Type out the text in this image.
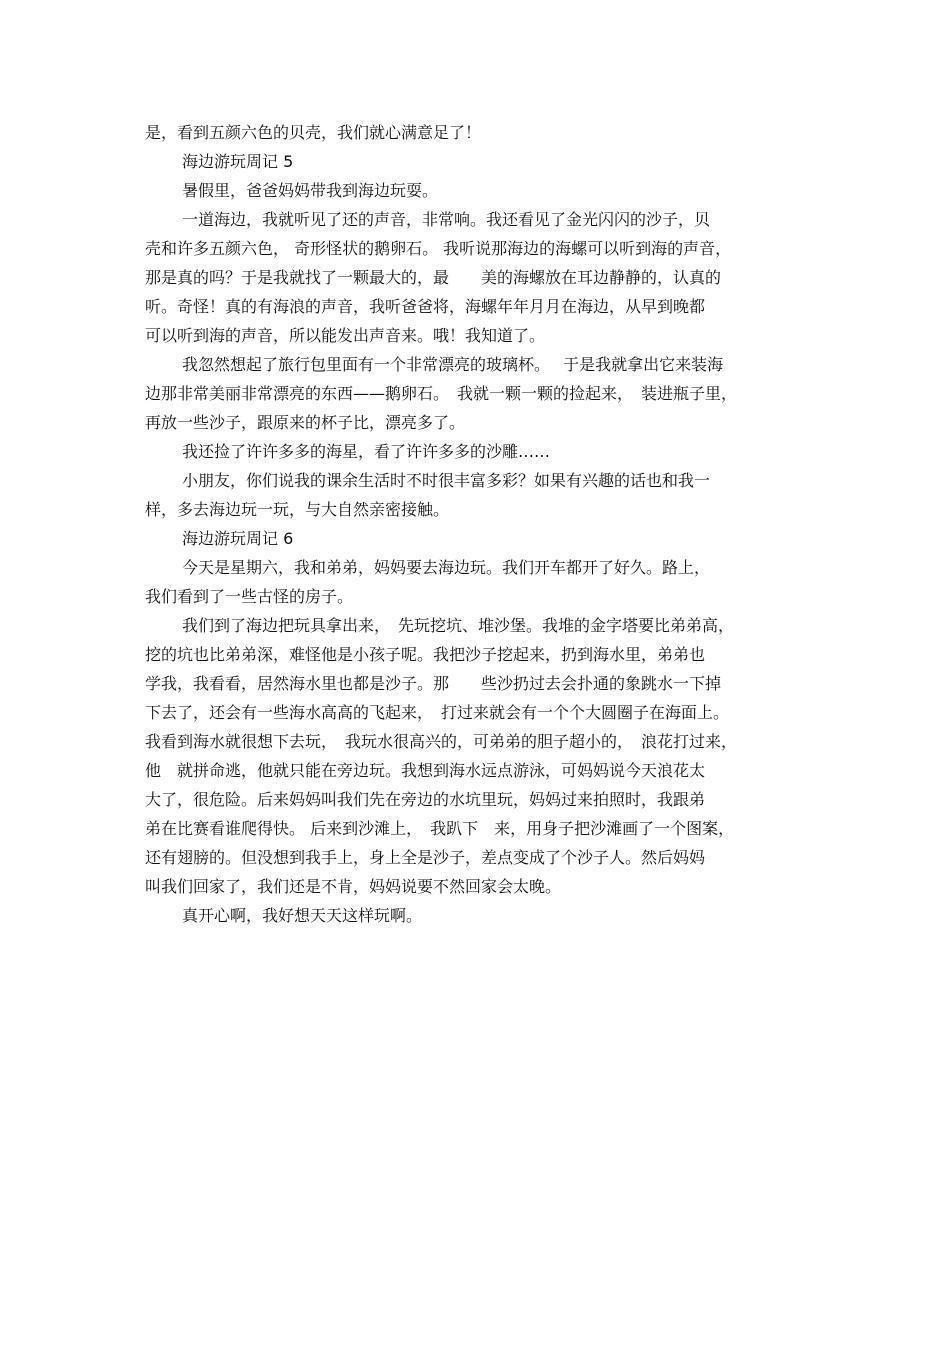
是，看到五颜六色的贝壳，我们就心满意足了！
海边游玩周记 5
暑假里，爸爸妈妈带我到海边玩耍。
一道海边，我就听见了还的声音，非常响。我还看见了金光闪闪的沙子，贝
壳和许多五颜六色， 奇形怪状的鹅卵石。 我听说那海边的海螺可以听到海的声音，
那是真的吗？于是我就找了一颗最大的，最　　美的海螺放在耳边静静的，认真的
听。奇怪！真的有海浪的声音，我听爸爸将，海螺年年月月在海边，从早到晚都
可以听到海的声音，所以能发出声音来。哦！我知道了。
我忽然想起了旅行包里面有一个非常漂亮的玻璃杯。　 于是我就拿出它来装海
边那非常美丽非常漂亮的东西——鹅卵石。　我就一颗一颗的捡起来，　装进瓶子里，
再放一些沙子，跟原来的杯子比，漂亮多了。
我还捡了许许多多的海星，看了许许多多的沙雕……
小朋友，你们说我的课余生活时不时很丰富多彩？如果有兴趣的话也和我一
样，多去海边玩一玩，与大自然亲密接触。
海边游玩周记 6
今天是星期六，我和弟弟，妈妈要去海边玩。我们开车都开了好久。路上，
我们看到了一些古怪的房子。
我们到了海边把玩具拿出来，　先玩挖坑、堆沙堡。我堆的金字塔要比弟弟高，
挖的坑也比弟弟深，难怪他是小孩子呢。我把沙子挖起来，扔到海水里，弟弟也
学我，我看看，居然海水里也都是沙子。那　　些沙扔过去会扑通的象跳水一下掉
下去了，还会有一些海水高高的飞起来，　打过来就会有一个个大圆圈子在海面上。
我看到海水就很想下去玩，　我玩水很高兴的，可弟弟的胆子超小的，　浪花打过来，
他　就拼命逃，他就只能在旁边玩。我想到海水远点游泳，可妈妈说今天浪花太
大了，很危险。后来妈妈叫我们先在旁边的水坑里玩，妈妈过来拍照时，我跟弟
弟在比赛看谁爬得快。 后来到沙滩上，　我趴下　来，用身子把沙滩画了一个图案，
还有翅膀的。但没想到我手上，身上全是沙子，差点变成了个沙子人。然后妈妈
叫我们回家了，我们还是不肯，妈妈说要不然回家会太晚。
真开心啊，我好想天天这样玩啊。
